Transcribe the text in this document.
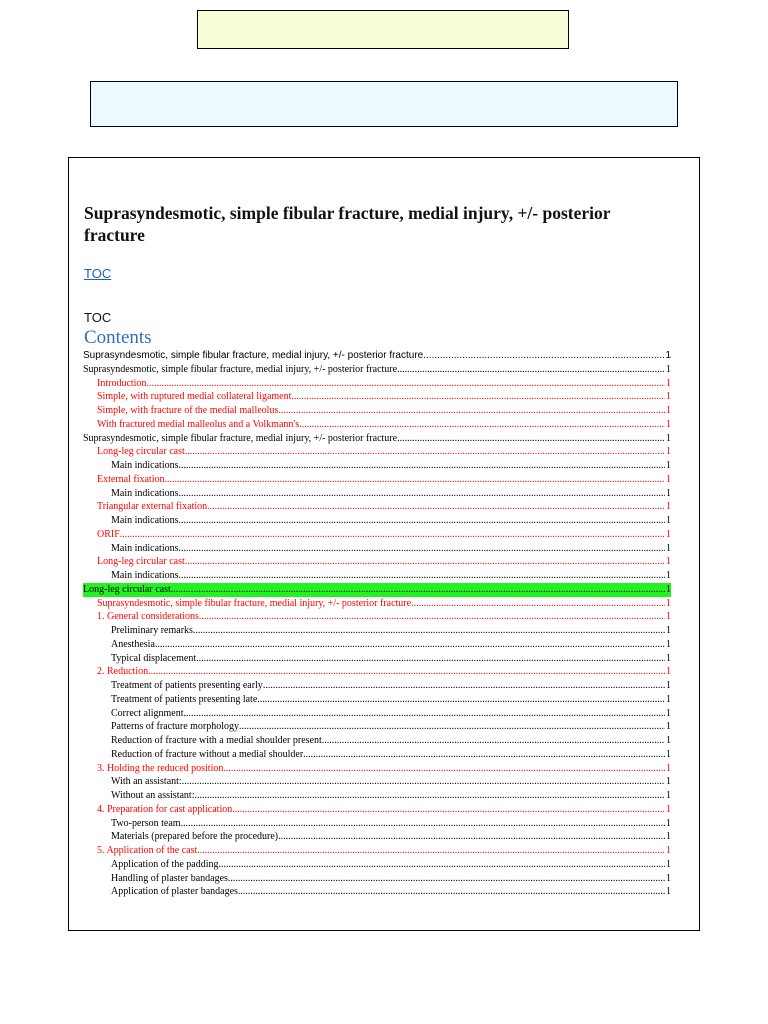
Suprasyndesmotic, simple fibular fracture, medial injury, +/- posterior fracture
TOC
TOC
Contents
Suprasyndesmotic, simple fibular fracture, medial injury, +/- posterior fracture .....	1
Suprasyndesmotic, simple fibular fracture, medial injury, +/- posterior fracture .....	1
Introduction .....	1
Simple, with ruptured medial collateral ligament .....	1
Simple, with fracture of the medial malleolus .....	1
With fractured medial malleolus and a Volkmann's .....	1
Suprasyndesmotic, simple fibular fracture, medial injury, +/- posterior fracture .....	1
Long-leg circular cast .....	1
Main indications .....	1
External fixation .....	1
Main indications .....	1
Triangular external fixation .....	1
Main indications .....	1
ORIF .....	1
Main indications .....	1
Long-leg circular cast .....	1
Main indications .....	1
Long-leg circular cast .....	1
Suprasyndesmotic, simple fibular fracture, medial injury, +/- posterior fracture .....	1
1. General considerations .....	1
Preliminary remarks .....	1
Anesthesia .....	1
Typical displacement .....	1
2. Reduction .....	1
Treatment of patients presenting early .....	1
Treatment of patients presenting late .....	1
Correct alignment .....	1
Patterns of fracture morphology .....	1
Reduction of fracture with a medial shoulder present .....	1
Reduction of fracture without a medial shoulder .....	1
3. Holding the reduced position .....	1
With an assistant: .....	1
Without an assistant: .....	1
4. Preparation for cast application .....	1
Two-person team .....	1
Materials (prepared before the procedure) .....	1
5. Application of the cast .....	1
Application of the padding .....	1
Handling of plaster bandages .....	1
Application of plaster bandages .....	1
